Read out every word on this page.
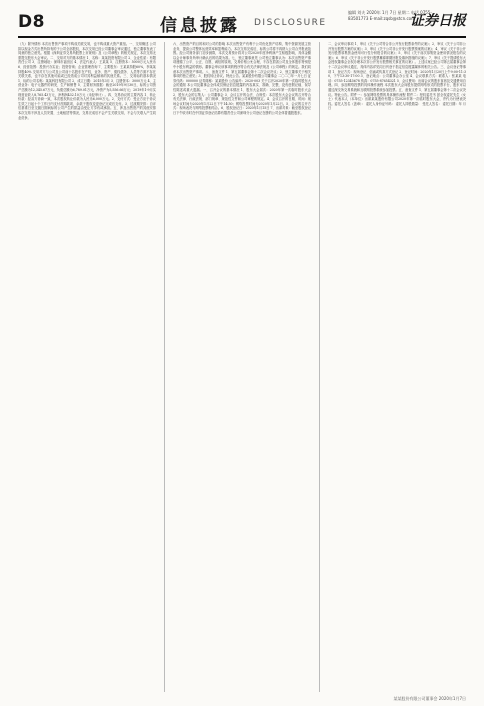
D8	信息披露 DISCLOSURE
编辑 刘夫 2020年 1月 7日 星期二 电话 0755-83501773 E-mail:zqsb@stcn.com
证券日报
（九）除外情形 本次出售资产事项不构成关联交易，也不构成重大资产重组。一、交易概述 公司拟以现金方式出售所持有的子公司全部股权，本次交易已经公司董事会审议通过，独立董事发表了同意的独立意见。根据《深圳证券交易所股票上市规则》及《公司章程》的相关规定，本次交易无需提交股东大会审议。二、交易对方的基本情况 1、名称：某某投资有限公司 2、企业性质：有限责任公司 3、注册地址：深圳市福田区 4、法定代表人：王某某 5、注册资本：5000万元人民币 6、经营范围：投资兴办实业；投资咨询；企业管理咨询 7、主要股东：王某某持股60%，李某某持股40% 交易对方与公司及公司前十名股东在产权、业务、资产、债权债务、人员等方面不存在关联关系，也不存在其他可能或已经造成公司对其利益倾斜的其他关系。三、交易标的基本情况 1、标的公司名称：某某科技有限公司 2、成立日期：2015年3月 3、注册资本：3000万元 4、主营业务：电子元器件的研发、生产和销售 5、主要财务数据：截至2019年9月30日，标的公司资产总额为12,345.67万元，负债总额为6,789.01万元，净资产为5,556.66万元；2019年1-9月实现营业收入8,765.43万元，净利润432.10万元（未经审计）。四、交易协议的主要内容 1、转让价款：经双方协商一致，本次股权转让价款为人民币6,000万元。2、支付方式：受让方应于协议生效之日起十个工作日内支付首期款项，余款于股权变更登记完成后支付。3、过渡期安排：自评估基准日至交割日期间标的公司产生的损益由受让方享有或承担。五、涉及出售资产的其他安排 本次交易不涉及人员安置、土地租赁等情况，交易完成后不会产生关联交易，不会与关联人产生同业竞争。
六、出售资产的目的和对公司的影响 本次出售资产有利于公司优化资产结构，集中资源发展主营业务，提高公司整体运营效率和盈利能力。本次交易完成后，标的公司将不再纳入公司合并报表范围。经公司财务部门初步测算，本次交易预计将对公司2020年度净利润产生积极影响，具体金额以会计师事务所审计确认后的结果为准。七、独立董事意见 公司独立董事认为：本次出售资产事项遵循了公平、公正、自愿、诚信的原则，交易价格公允合理，不存在损害公司及全体股东特别是中小股东利益的情形。董事会审议该事项的程序符合有关法律法规及《公司章程》的规定。我们同意本次出售资产事项。八、备查文件 1、第五届董事会第十二次会议决议；2、独立董事关于相关事项的独立意见；3、股权转让协议。特此公告。某某股份有限公司董事会 二〇二〇年一月七日 证券代码：000000 证券简称：某某股份 公告编号：2020-003 关于召开2020年第一次临时股东大会的通知 本公司及董事会全体成员保证信息披露的内容真实、准确、完整，没有虚假记载、误导性陈述或重大遗漏。一、召开会议的基本情况 1、股东大会届次：2020年第一次临时股东大会 2、股东大会的召集人：公司董事会 3、会议召开的合法、合规性：本次股东大会会议的召开符合有关法律、行政法规、部门规章、规范性文件和公司章程的规定。4、会议召开的日期、时间：现场会议时间为2020年1月22日下午14:30；网络投票时间为2020年1月22日。5、会议的召开方式：现场表决与网络投票相结合。6、股权登记日：2020年1月15日 7、出席对象：截至股权登记日下午收市时在中国证券登记结算有限责任公司深圳分公司登记在册的公司全体普通股股东。
二、会议审议事项 1、审议《关于公司符合非公开发行股票条件的议案》；2、审议《关于公司非公开发行股票方案的议案》；3、审议《关于公司非公开发行股票预案的议案》；4、审议《关于非公开发行股票募集资金使用可行性分析报告的议案》；5、审议《关于前次募集资金使用情况报告的议案》；6、审议《关于非公开发行股票摊薄即期回报及填补措施的议案》；7、审议《关于提请股东大会授权董事会全权办理本次非公开发行股票相关事宜的议案》。上述议案已经公司第五届董事会第十二次会议审议通过，具体内容详见同日刊登于指定信息披露媒体的相关公告。三、会议登记等事项 1、登记方式：现场登记、信函或传真方式登记 2、登记时间：2020年1月20日上午9:00-11:30，下午13:30-17:00 3、登记地点：公司董事会办公室 4、会议联系方式：联系人：张某某 电话：0755-12345678 传真：0755-87654321 5、会议费用：出席会议的股东食宿及交通费用自理。四、参加网络投票的具体操作流程 本次股东大会向股东提供网络形式的投票平台，股东可以通过深交所交易系统和互联网投票系统参加投票。五、备查文件 1、第五届董事会第十二次会议决议。特此公告。附件一：参加网络投票的具体操作流程 附件二：授权委托书 兹全权委托先生（女士）代表本人（本单位）出席某某股份有限公司2020年第一次临时股东大会，并代为行使表决权。委托人签名（盖章）： 委托人身份证号码： 委托人持股数量： 受托人签名： 委托日期：年 月 日
某某股份有限公司董事会 2020年1月7日
